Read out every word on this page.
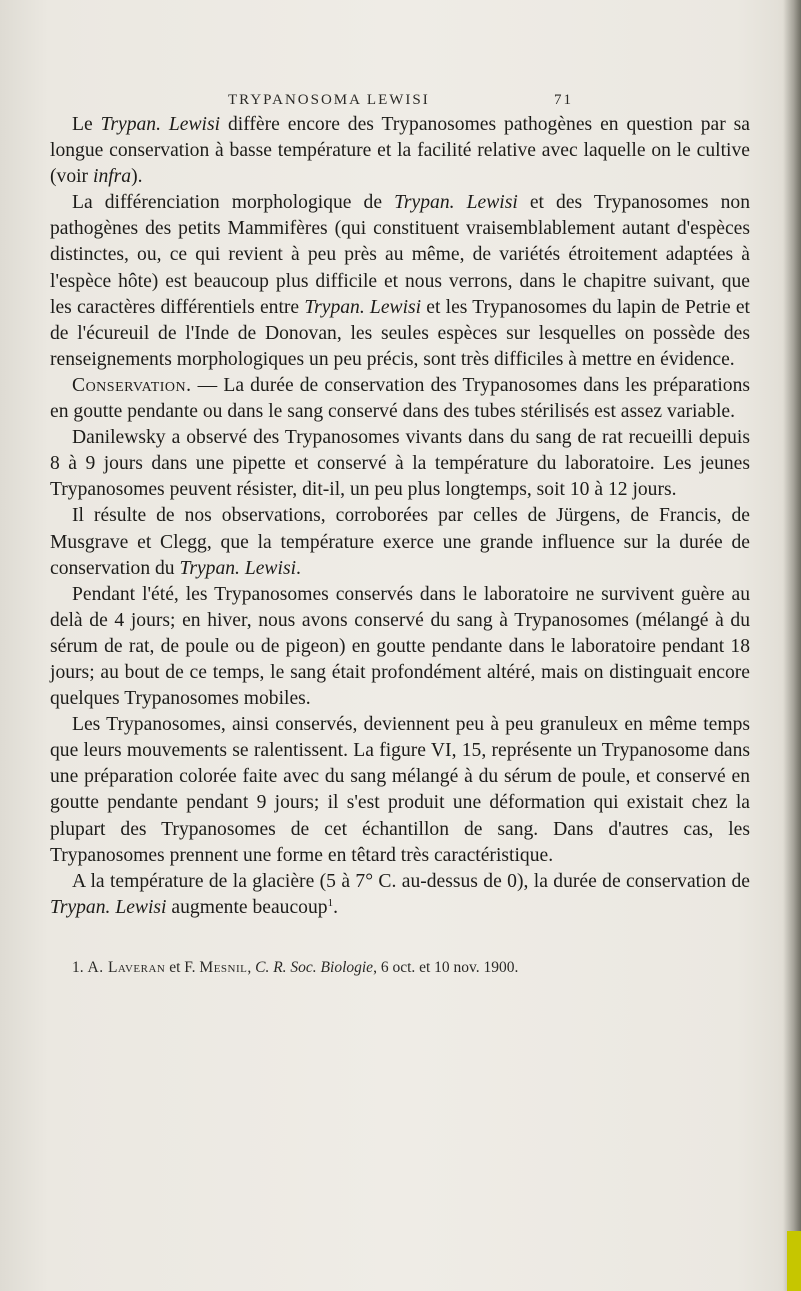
TRYPANOSOMA LEWISI	71

Le Trypan. Lewisi diffère encore des Trypanosomes pathogènes en question par sa longue conservation à basse température et la facilité relative avec laquelle on le cultive (voir infra).

La différenciation morphologique de Trypan. Lewisi et des Trypanosomes non pathogènes des petits Mammifères (qui constituent vraisemblablement autant d'espèces distinctes, ou, ce qui revient à peu près au même, de variétés étroitement adaptées à l'espèce hôte) est beaucoup plus difficile et nous verrons, dans le chapitre suivant, que les caractères différentiels entre Trypan. Lewisi et les Trypanosomes du lapin de Petrie et de l'écureuil de l'Inde de Donovan, les seules espèces sur lesquelles on possède des renseignements morphologiques un peu précis, sont très difficiles à mettre en évidence.

Conservation. — La durée de conservation des Trypanosomes dans les préparations en goutte pendante ou dans le sang conservé dans des tubes stérilisés est assez variable.

Danilewsky a observé des Trypanosomes vivants dans du sang de rat recueilli depuis 8 à 9 jours dans une pipette et conservé à la température du laboratoire. Les jeunes Trypanosomes peuvent résister, dit-il, un peu plus longtemps, soit 10 à 12 jours.

Il résulte de nos observations, corroborées par celles de Jürgens, de Francis, de Musgrave et Clegg, que la température exerce une grande influence sur la durée de conservation du Trypan. Lewisi.

Pendant l'été, les Trypanosomes conservés dans le laboratoire ne survivent guère au delà de 4 jours; en hiver, nous avons conservé du sang à Trypanosomes (mélangé à du sérum de rat, de poule ou de pigeon) en goutte pendante dans le laboratoire pendant 18 jours; au bout de ce temps, le sang était profondément altéré, mais on distinguait encore quelques Trypanosomes mobiles.

Les Trypanosomes, ainsi conservés, deviennent peu à peu granuleux en même temps que leurs mouvements se ralentissent. La figure VI, 15, représente un Trypanosome dans une préparation colorée faite avec du sang mélangé à du sérum de poule, et conservé en goutte pendante pendant 9 jours; il s'est produit une déformation qui existait chez la plupart des Trypanosomes de cet échantillon de sang. Dans d'autres cas, les Trypanosomes prennent une forme en têtard très caractéristique.

A la température de la glacière (5 à 7° C. au-dessus de 0), la durée de conservation de Trypan. Lewisi augmente beaucoup$^1$.

1. A. Laveran et F. Mesnil, C. R. Soc. Biologie, 6 oct. et 10 nov. 1900.
